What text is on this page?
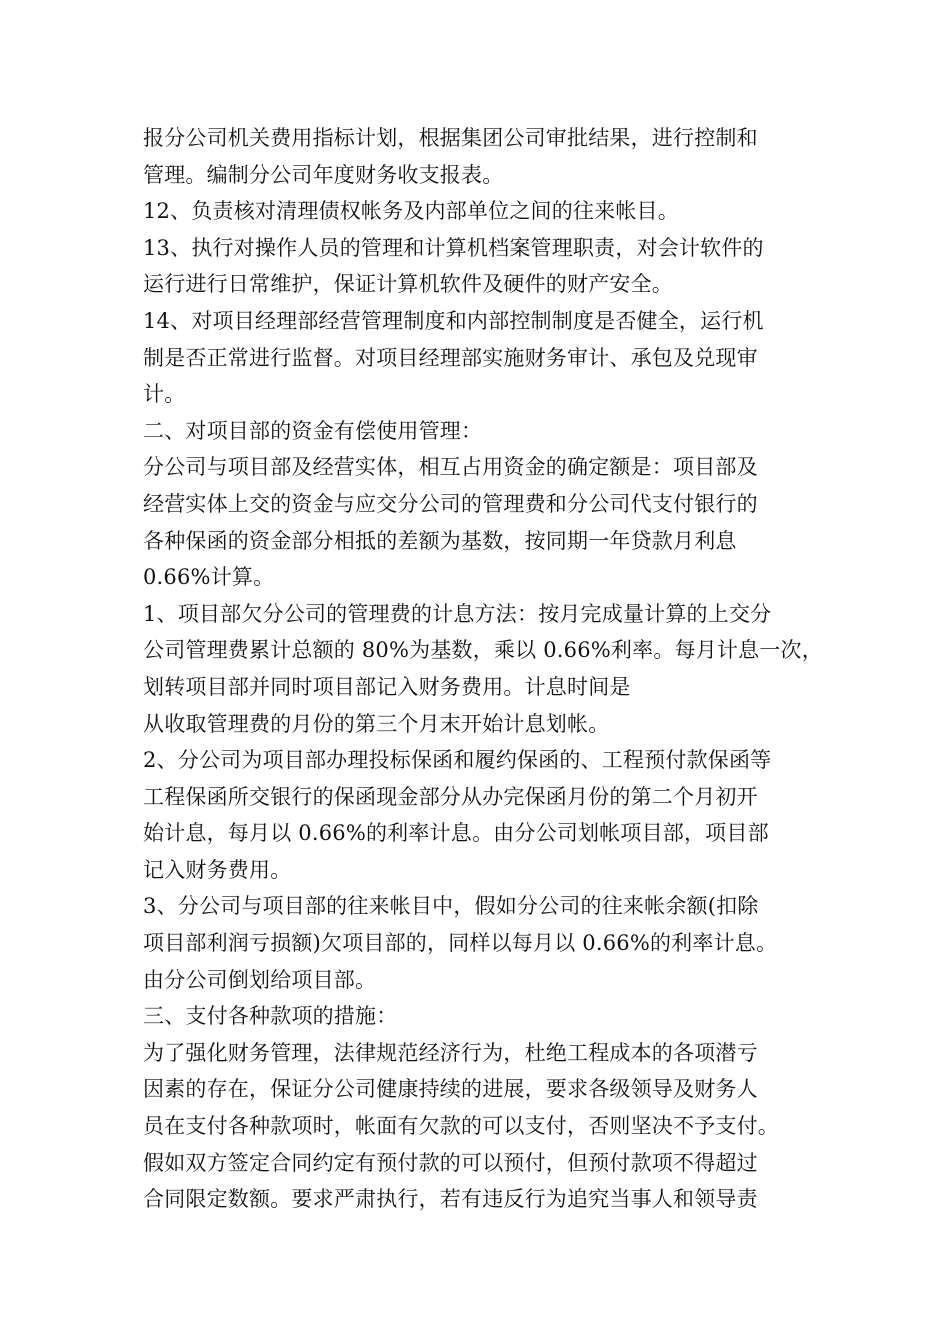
报分公司机关费用指标计划，根据集团公司审批结果，进行控制和
管理。编制分公司年度财务收支报表。
12、负责核对清理债权帐务及内部单位之间的往来帐目。
13、执行对操作人员的管理和计算机档案管理职责，对会计软件的
运行进行日常维护，保证计算机软件及硬件的财产安全。
14、对项目经理部经营管理制度和内部控制制度是否健全，运行机
制是否正常进行监督。对项目经理部实施财务审计、承包及兑现审
计。
二、对项目部的资金有偿使用管理：
分公司与项目部及经营实体，相互占用资金的确定额是：项目部及
经营实体上交的资金与应交分公司的管理费和分公司代支付银行的
各种保函的资金部分相抵的差额为基数，按同期一年贷款月利息
0.66%计算。
1、项目部欠分公司的管理费的计息方法：按月完成量计算的上交分
公司管理费累计总额的 80%为基数，乘以 0.66%利率。每月计息一次，
划转项目部并同时项目部记入财务费用。计息时间是
从收取管理费的月份的第三个月末开始计息划帐。
2、分公司为项目部办理投标保函和履约保函的、工程预付款保函等
工程保函所交银行的保函现金部分从办完保函月份的第二个月初开
始计息，每月以 0.66%的利率计息。由分公司划帐项目部，项目部
记入财务费用。
3、分公司与项目部的往来帐目中，假如分公司的往来帐余额(扣除
项目部利润亏损额)欠项目部的，同样以每月以 0.66%的利率计息。
由分公司倒划给项目部。
三、支付各种款项的措施：
为了强化财务管理，法律规范经济行为，杜绝工程成本的各项潜亏
因素的存在，保证分公司健康持续的进展，要求各级领导及财务人
员在支付各种款项时，帐面有欠款的可以支付，否则坚决不予支付。
假如双方签定合同约定有预付款的可以预付，但预付款项不得超过
合同限定数额。要求严肃执行，若有违反行为追究当事人和领导责
